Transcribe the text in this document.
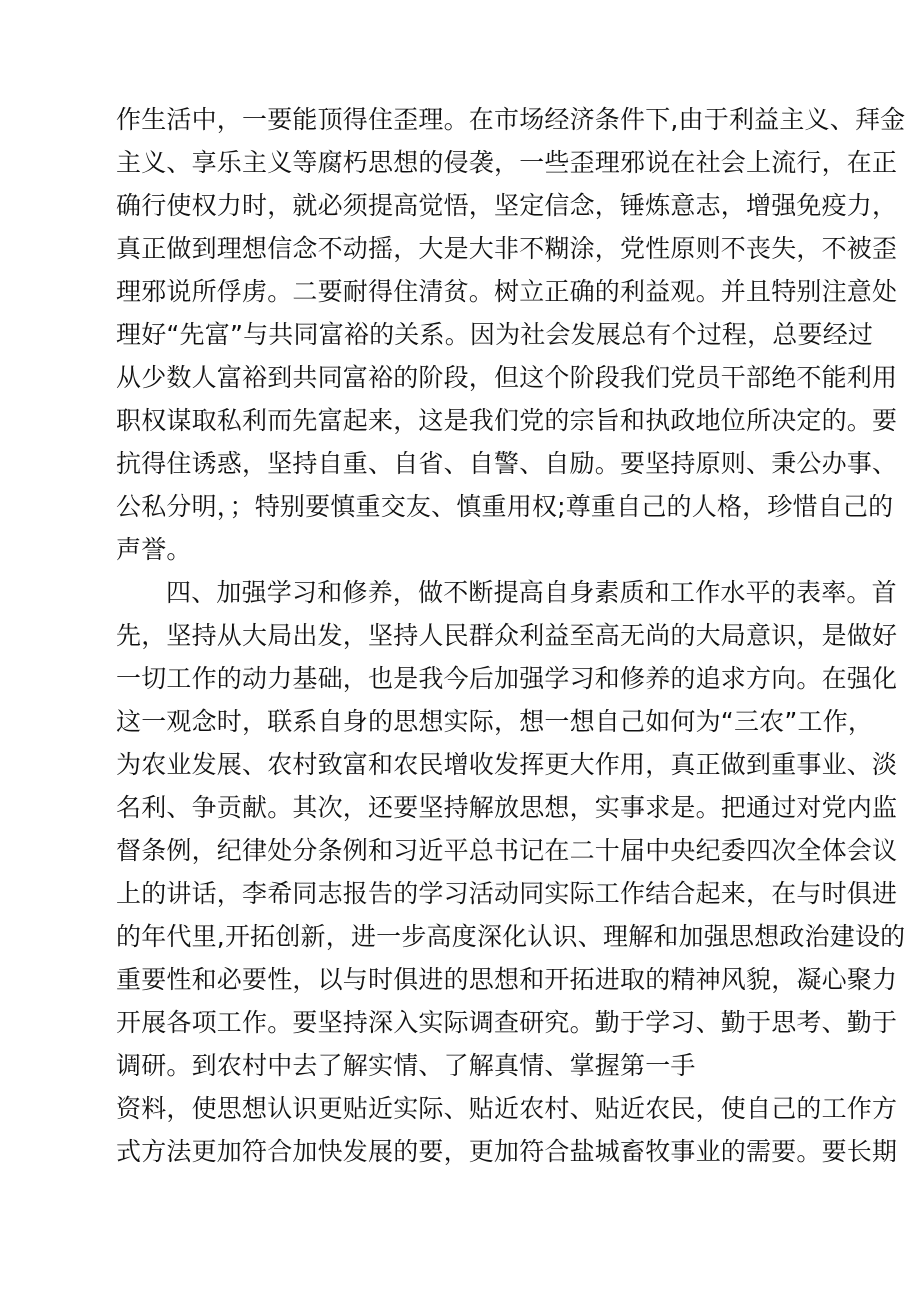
作生活中，一要能顶得住歪理。在市场经济条件下,由于利益主义、拜金
主义、享乐主义等腐朽思想的侵袭，一些歪理邪说在社会上流行，在正
确行使权力时，就必须提高觉悟，坚定信念，锤炼意志，增强免疫力，
真正做到理想信念不动摇，大是大非不糊涂，党性原则不丧失，不被歪
理邪说所俘虏。二要耐得住清贫。树立正确的利益观。并且特别注意处
理好“先富”与共同富裕的关系。因为社会发展总有个过程，总要经过
从少数人富裕到共同富裕的阶段，但这个阶段我们党员干部绝不能利用
职权谋取私利而先富起来，这是我们党的宗旨和执政地位所决定的。要
抗得住诱惑，坚持自重、自省、自警、自励。要坚持原则、秉公办事、
公私分明，；特别要慎重交友、慎重用权;尊重自己的人格，珍惜自己的
声誉。
四、加强学习和修养，做不断提高自身素质和工作水平的表率。首
先，坚持从大局出发，坚持人民群众利益至高无尚的大局意识，是做好
一切工作的动力基础，也是我今后加强学习和修养的追求方向。在强化
这一观念时，联系自身的思想实际，想一想自己如何为“三农”工作，
为农业发展、农村致富和农民增收发挥更大作用，真正做到重事业、淡
名利、争贡献。其次，还要坚持解放思想，实事求是。把通过对党内监
督条例，纪律处分条例和习近平总书记在二十届中央纪委四次全体会议
上的讲话，李希同志报告的学习活动同实际工作结合起来，在与时俱进
的年代里,开拓创新，进一步高度深化认识、理解和加强思想政治建设的
重要性和必要性，以与时俱进的思想和开拓进取的精神风貌，凝心聚力
开展各项工作。要坚持深入实际调查研究。勤于学习、勤于思考、勤于
调研。到农村中去了解实情、了解真情、掌握第一手
资料，使思想认识更贴近实际、贴近农村、贴近农民，使自己的工作方
式方法更加符合加快发展的要，更加符合盐城畜牧事业的需要。要长期
